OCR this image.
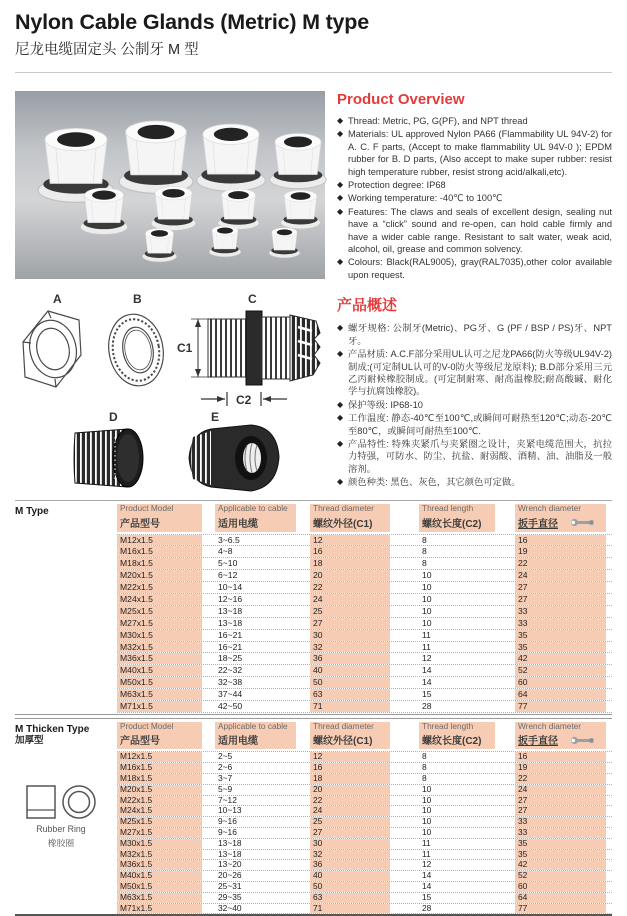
Nylon Cable Glands (Metric) M type
尼龙电缆固定头 公制牙 M 型
A	B	C
D	E
C1
C2
Product Overview
◆ Thread: Metric, PG, G(PF), and NPT thread
◆ Materials: UL approved Nylon PA66 (Flammability UL 94V-2) for A. C. F parts, (Accept to make flammability UL 94V-0 ); EPDM rubber for B. D parts, (Also accept to make super rubber: resist high temperature rubber, resist strong acid/alkali,etc).
◆ Protection degree: IP68
◆ Working temperature: -40℃ to 100℃
◆ Features: The claws and seals of excellent design, sealing nut have a “click” sound and re-open, can hold cable firmly and have a wider cable range. Resistant to salt water, weak acid, alcohol, oil, grease and common solvency.
◆ Colours: Black(RAL9005), gray(RAL7035),other color available upon request.
产品概述
◆ 螺牙规格: 公制牙(Metric)、PG牙、G (PF / BSP / PS)牙、NPT牙。
◆ 产品材质: A.C.F部分采用UL认可之尼龙PA66(防火等级UL94V-2)制成;(可定制UL认可的V-0防火等级尼龙原料); B.D部分采用三元乙丙耐候橡胶制成。(可定制耐寒、耐高温橡胶;耐高酸碱、耐化学与抗腐蚀橡胶)。
◆ 保护等级: IP68-10
◆ 工作温度: 静态-40℃至100℃,或瞬间可耐热至120℃;动态-20℃至80℃，或瞬间可耐热至100℃.
◆ 产品特性: 特殊夹紧爪与夹紧圈之设计，夹紧电缆范围大，抗拉力特强，可防水、防尘、抗盐、耐弱酸、酒精、油、油脂及一般溶剂。
◆ 颜色种类: 黑色、灰色，其它颜色可定做。
M Type	Product Model
产品型号
Applicable to cable
适用电缆
Thread diameter
螺纹外径(C1)
Thread length
螺纹长度(C2)
Wrench diameter
扳手直径
M12x1.5	3~6.5	12	8	16
M16x1.5	4~8	16	8	19
M18x1.5	5~10	18	8	22
M20x1.5	6~12	20	10	24
M22x1.5	10~14	22	10	27
M24x1.5	12~16	24	10	27
M25x1.5	13~18	25	10	33
M27x1.5	13~18	27	10	33
M30x1.5	16~21	30	11	35
M32x1.5	16~21	32	11	35
M36x1.5	18~25	36	12	42
M40x1.5	22~32	40	14	52
M50x1.5	32~38	50	14	60
M63x1.5	37~44	63	15	64
M71x1.5	42~50	71	28	77
M Thicken Type
加厚型
Rubber Ring
橡胶圈
Product Model
产品型号
Applicable to cable
适用电缆
Thread diameter
螺纹外径(C1)
Thread length
螺纹长度(C2)
Wrench diameter
扳手直径
M12x1.5	2~5	12	8	16
M16x1.5	2~6	16	8	19
M18x1.5	3~7	18	8	22
M20x1.5	5~9	20	10	24
M22x1.5	7~12	22	10	27
M24x1.5	10~13	24	10	27
M25x1.5	9~16	25	10	33
M27x1.5	9~16	27	10	33
M30x1.5	13~18	30	11	35
M32x1.5	13~18	32	11	35
M36x1.5	13~20	36	12	42
M40x1.5	20~26	40	14	52
M50x1.5	25~31	50	14	60
M63x1.5	29~35	63	15	64
M71x1.5	32~40	71	28	77
